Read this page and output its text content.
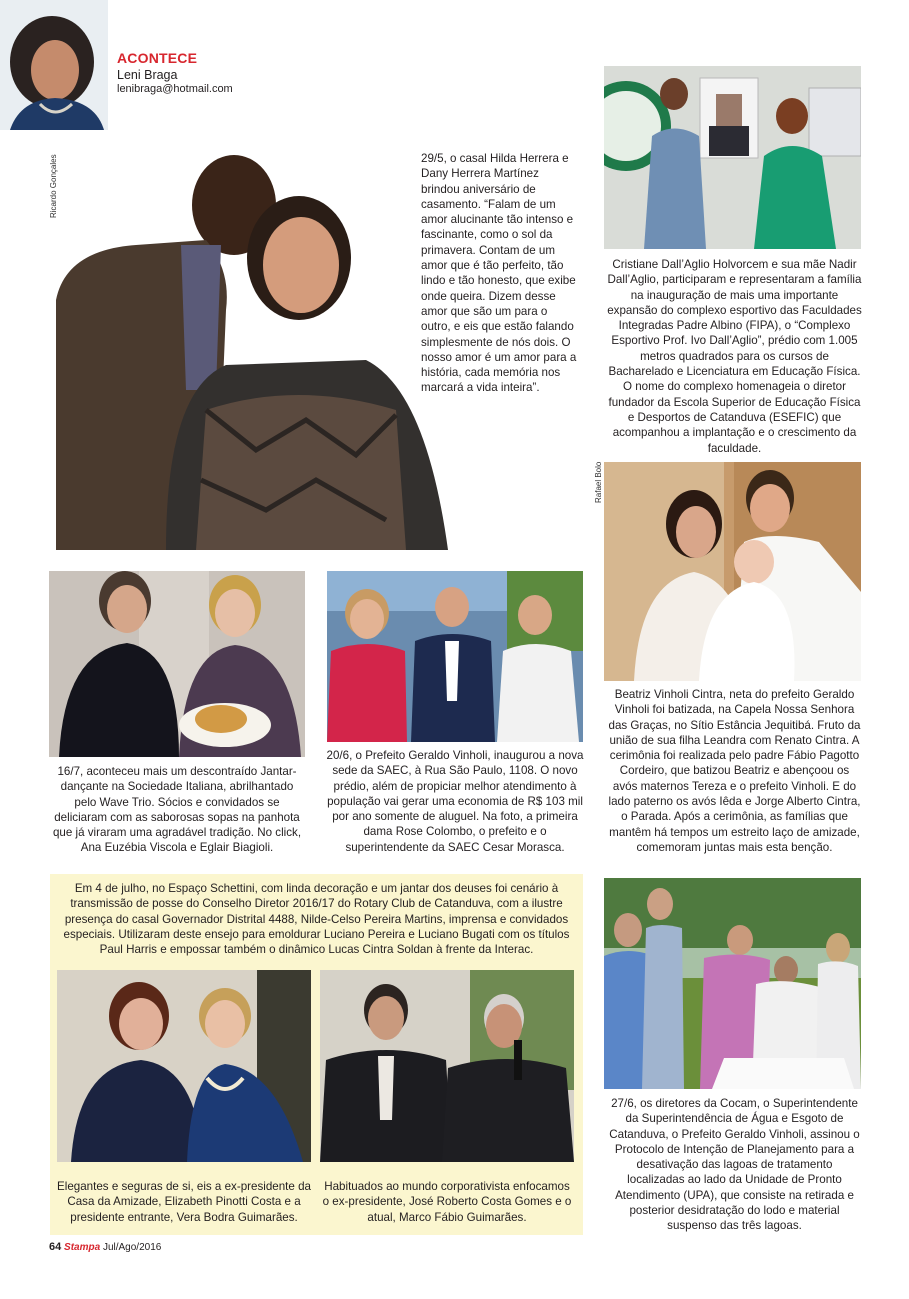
ACONTECE
Leni Braga
lenibraga@hotmail.com
Ricardo Gonçales
Rafael Bolo
29/5, o casal Hilda Herrera e Dany Herrera Martínez brindou aniversário de casamento. “Falam de um amor alucinante tão intenso e fascinante, como o sol da primavera. Contam de um amor que é tão perfeito, tão lindo e tão honesto, que exibe onde queira. Dizem desse amor que são um para o outro, e eis que estão falando simplesmente de nós dois. O nosso amor é um amor para a história, cada memória nos marcará a vida inteira”.
Cristiane Dall’Aglio Holvorcem e sua mãe Nadir Dall’Aglio, participaram e representaram a família na inauguração de mais uma importante expansão do complexo esportivo das Faculdades Integradas Padre Albino (FIPA), o “Complexo Esportivo Prof. Ivo Dall’Aglio”, prédio com 1.005 metros quadrados para os cursos de Bacharelado e Licenciatura em Educação Física. O nome do complexo homenageia o diretor fundador da Escola Superior de Educação Física e Desportos de Catanduva (ESEFIC) que acompanhou a implantação e o crescimento da faculdade.
Beatriz Vinholi Cintra, neta do prefeito Geraldo Vinholi foi batizada, na Capela Nossa Senhora das Graças, no Sítio Estância Jequitibá. Fruto da união de sua filha Leandra com Renato Cintra. A cerimônia foi realizada pelo padre Fábio Pagotto Cordeiro, que batizou Beatriz e abençoou os avós maternos Tereza e o prefeito Vinholi. E do lado paterno os avós Iêda e Jorge Alberto Cintra, o Parada. Após a cerimônia, as famílias que mantêm há tempos um estreito laço de amizade, comemoram juntas mais esta benção.
16/7, aconteceu mais um descontraído Jantar-dançante na Sociedade Italiana, abrilhantado pelo Wave Trio. Sócios e convidados se deliciaram com as saborosas sopas na panhota que já viraram uma agradável tradição. No click, Ana Euzébia Viscola e Eglair Biagioli.
20/6, o Prefeito Geraldo Vinholi, inaugurou a nova sede da SAEC, à Rua São Paulo, 1108. O novo prédio, além de propiciar melhor atendimento à população vai gerar uma economia de R$ 103 mil por ano somente de aluguel. Na foto, a primeira dama Rose Colombo, o prefeito e o superintendente da SAEC Cesar Morasca.
Em 4 de julho, no Espaço Schettini, com linda decoração e um jantar dos deuses foi cenário à transmissão de posse do Conselho Diretor 2016/17 do Rotary Club de Catanduva, com a ilustre presença do casal Governador Distrital 4488, Nilde-Celso Pereira Martins, imprensa e convidados especiais. Utilizaram deste ensejo para emoldurar Luciano Pereira e Luciano Bugati com os títulos Paul Harris e empossar também o dinâmico Lucas Cintra Soldan à frente da Interac.
Elegantes e seguras de si, eis a ex-presidente da Casa da Amizade, Elizabeth Pinotti Costa e a presidente entrante, Vera Bodra Guimarães.
Habituados ao mundo corporativista enfocamos o ex-presidente, José Roberto Costa Gomes e o atual, Marco Fábio Guimarães.
27/6, os diretores da Cocam, o Superintendente da Superintendência de Água e Esgoto de Catanduva, o Prefeito Geraldo Vinholi, assinou o Protocolo de Intenção de Planejamento para a desativação das lagoas de tratamento localizadas ao lado da Unidade de Pronto Atendimento (UPA), que consiste na retirada e posterior desidratação do lodo e material suspenso das três lagoas.
64 Stampa Jul/Ago/2016
